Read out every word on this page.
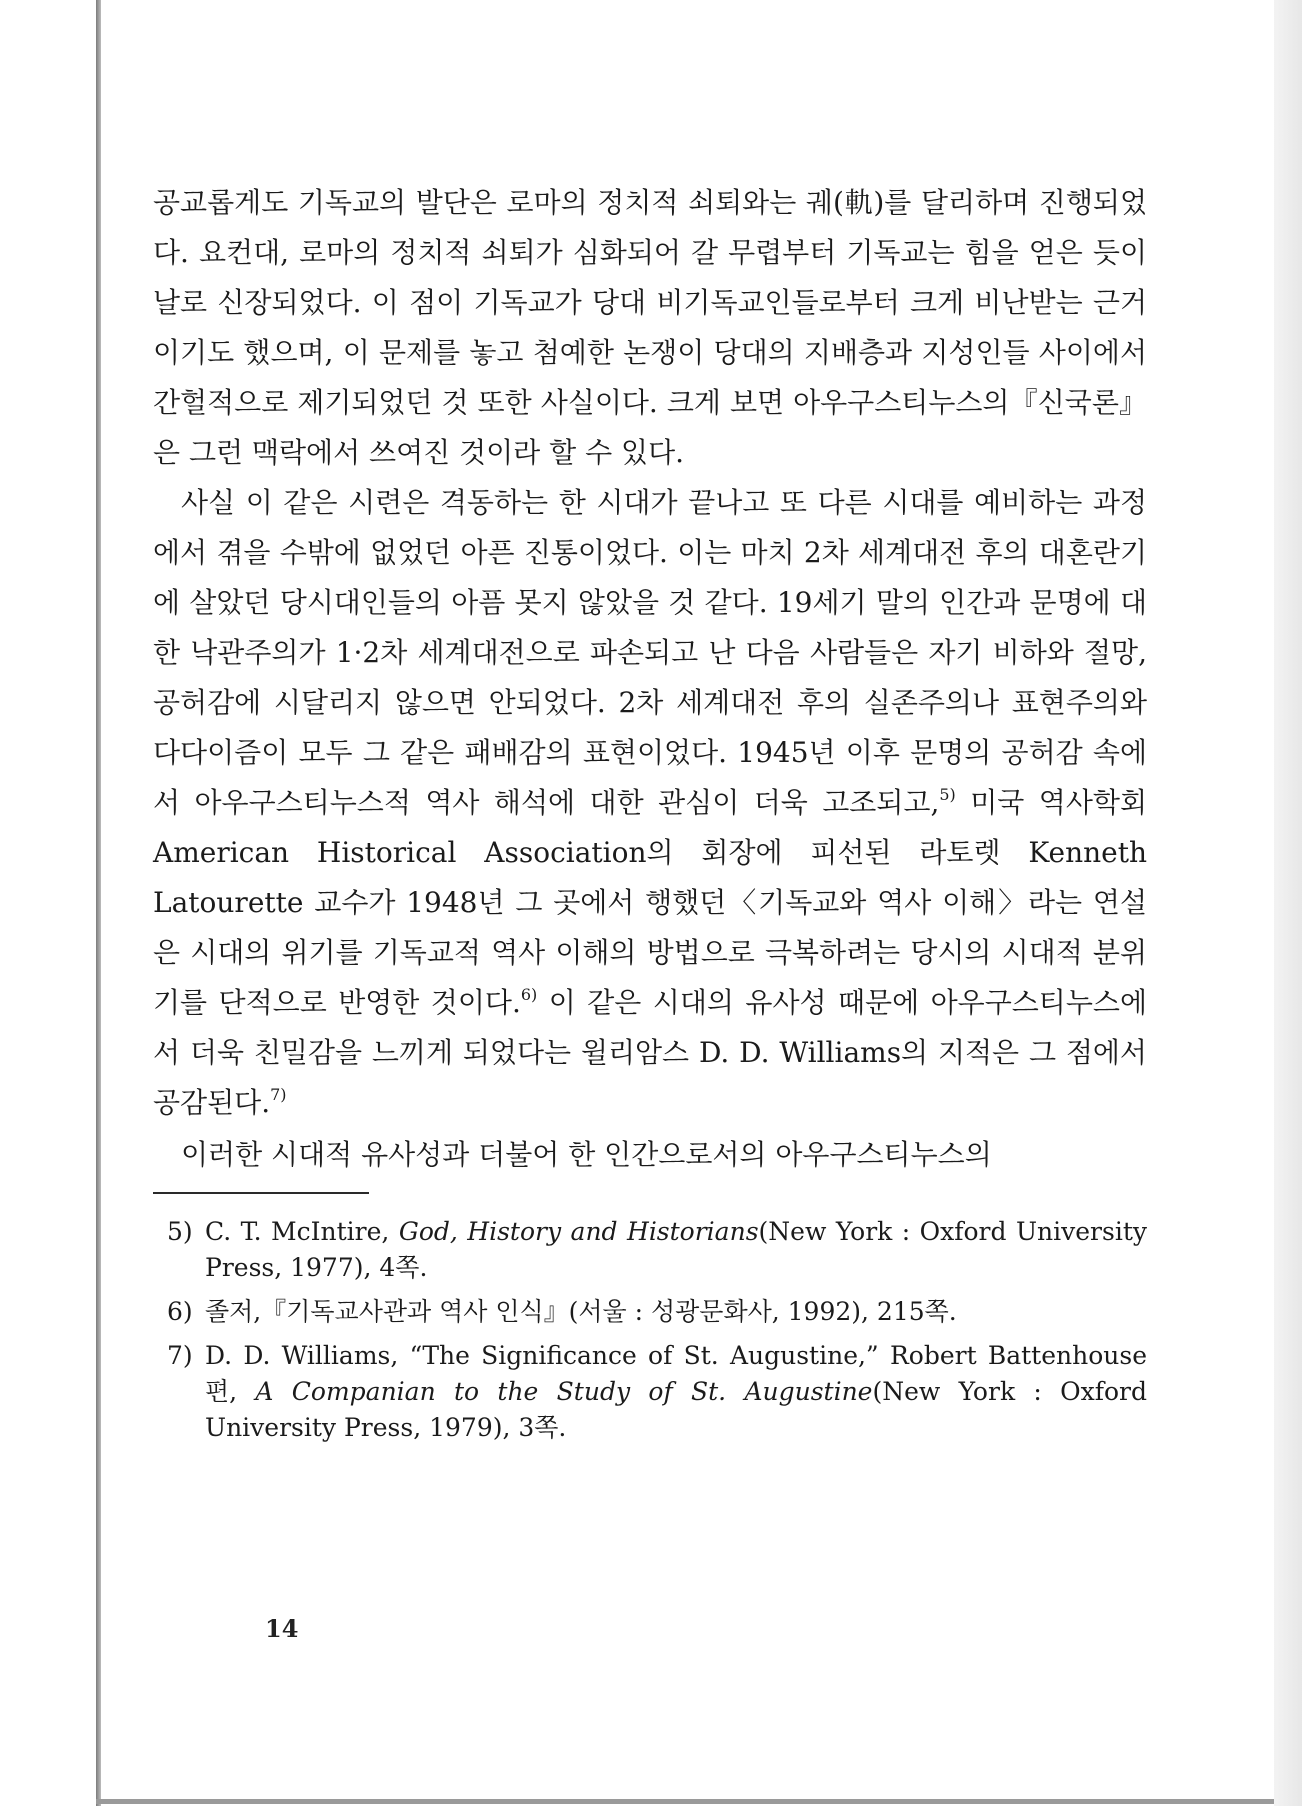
공교롭게도 기독교의 발단은 로마의 정치적 쇠퇴와는 궤(軌)를 달리하며 진행되었다. 요컨대, 로마의 정치적 쇠퇴가 심화되어 갈 무렵부터 기독교는 힘을 얻은 듯이 날로 신장되었다. 이 점이 기독교가 당대 비기독교인들로부터 크게 비난받는 근거이기도 했으며, 이 문제를 놓고 첨예한 논쟁이 당대의 지배층과 지성인들 사이에서 간헐적으로 제기되었던 것 또한 사실이다. 크게 보면 아우구스티누스의『신국론』은 그런 맥락에서 쓰여진 것이라 할 수 있다.

사실 이 같은 시련은 격동하는 한 시대가 끝나고 또 다른 시대를 예비하는 과정에서 겪을 수밖에 없었던 아픈 진통이었다. 이는 마치 2차 세계대전 후의 대혼란기에 살았던 당시대인들의 아픔 못지 않았을 것 같다. 19세기 말의 인간과 문명에 대한 낙관주의가 1·2차 세계대전으로 파손되고 난 다음 사람들은 자기 비하와 절망, 공허감에 시달리지 않으면 안되었다. 2차 세계대전 후의 실존주의나 표현주의와 다다이즘이 모두 그 같은 패배감의 표현이었다. 1945년 이후 문명의 공허감 속에서 아우구스티누스적 역사 해석에 대한 관심이 더욱 고조되고,$^{5)}$ 미국 역사학회 American Historical Association의 회장에 피선된 라토렛 Kenneth Latourette 교수가 1948년 그 곳에서 행했던〈기독교와 역사 이해〉라는 연설은 시대의 위기를 기독교적 역사 이해의 방법으로 극복하려는 당시의 시대적 분위기를 단적으로 반영한 것이다.$^{6)}$ 이 같은 시대의 유사성 때문에 아우구스티누스에서 더욱 친밀감을 느끼게 되었다는 윌리암스 D. D. Williams의 지적은 그 점에서 공감된다.$^{7)}$

이러한 시대적 유사성과 더불어 한 인간으로서의 아우구스티누스의

5) C. T. McIntire, God, History and Historians(New York : Oxford University Press, 1977), 4쪽.
6) 졸저,『기독교사관과 역사 인식』(서울 : 성광문화사, 1992), 215쪽.
7) D. D. Williams, “The Significance of St. Augustine,” Robert Battenhouse 편, A Companian to the Study of St. Augustine(New York : Oxford University Press, 1979), 3쪽.
14
